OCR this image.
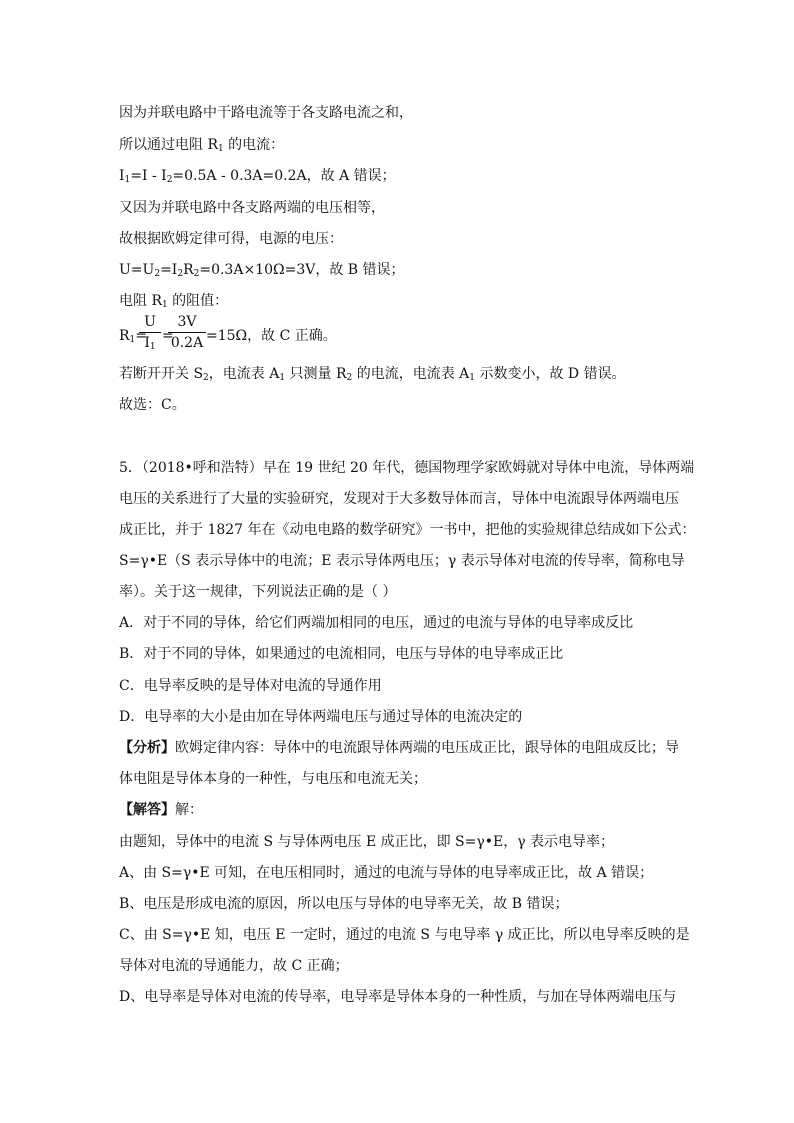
因为并联电路中干路电流等于各支路电流之和，
所以通过电阻 $R_1$ 的电流：
$I_1=I - I_2=0.5A - 0.3A=0.2A$，故 A 错误；
又因为并联电路中各支路两端的电压相等，
故根据欧姆定律可得，电源的电压：
$U=U_2=I_2R_2=0.3A\times 10\Omega=3V$，故 B 错误；
电阻 $R_1$ 的阻值：
$R_1=$
U
$I_1$
=
3V
0.2A =15Ω，故 C 正确。
若断开开关 $S_2$，电流表 $A_1$ 只测量 $R_2$ 的电流，电流表 $A_1$ 示数变小，故 D 错误。
故选：C。
5．（2018•呼和浩特）早在 19 世纪 20 年代，德国物理学家欧姆就对导体中电流，导体两端
电压的关系进行了大量的实验研究，发现对于大多数导体而言，导体中电流跟导体两端电压
成正比，并于 1827 年在《动电电路的数学研究》一书中，把他的实验规律总结成如下公式：
S=γ•E（S 表示导体中的电流；E 表示导体两电压；γ 表示导体对电流的传导率，简称电导
率）。关于这一规律，下列说法正确的是（ ）
A．对于不同的导体，给它们两端加相同的电压，通过的电流与导体的电导率成反比
B．对于不同的导体，如果通过的电流相同，电压与导体的电导率成正比
C．电导率反映的是导体对电流的导通作用
D．电导率的大小是由加在导体两端电压与通过导体的电流决定的
【分析】欧姆定律内容：导体中的电流跟导体两端的电压成正比，跟导体的电阻成反比；导
体电阻是导体本身的一种性，与电压和电流无关；
【解答】解：
由题知，导体中的电流 S 与导体两电压 E 成正比，即 S=γ•E，γ 表示电导率；
A、由 S=γ•E 可知，在电压相同时，通过的电流与导体的电导率成正比，故 A 错误；
B、电压是形成电流的原因，所以电压与导体的电导率无关，故 B 错误；
C、由 S=γ•E 知，电压 E 一定时，通过的电流 S 与电导率 γ 成正比，所以电导率反映的是
导体对电流的导通能力，故 C 正确；
D、电导率是导体对电流的传导率，电导率是导体本身的一种性质，与加在导体两端电压与
